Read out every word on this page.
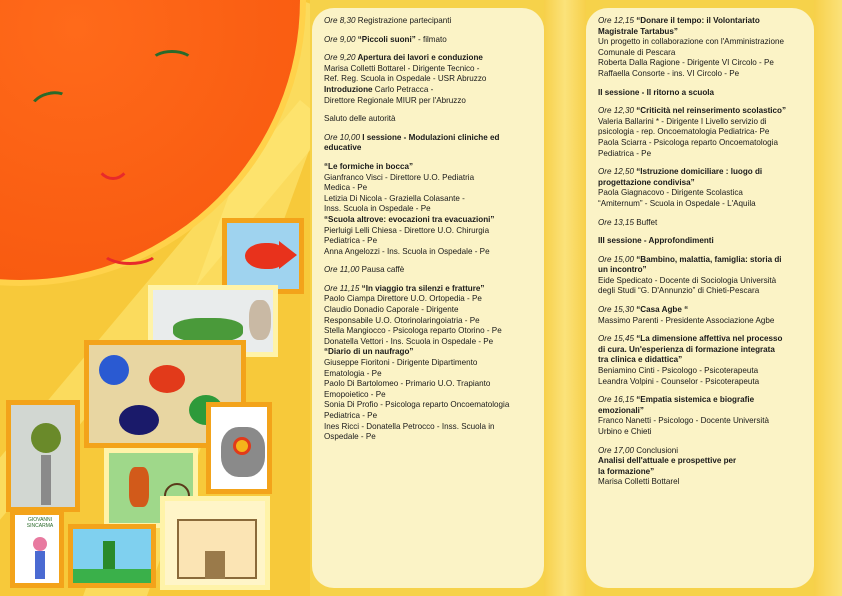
GIOVANNI SINCARMA

Ore 8,30 Registrazione partecipanti

Ore 9,00 “Piccoli suoni” - filmato

Ore 9,20 Apertura dei lavori e conduzione
Marisa Colletti Bottarel - Dirigente Tecnico -
Ref. Reg. Scuola in Ospedale - USR Abruzzo
Introduzione Carlo Petracca -
Direttore Regionale MIUR per l'Abruzzo

Saluto delle autorità

Ore 10,00 I sessione - Modulazioni cliniche ed
educative

“Le formiche in bocca”
Gianfranco Visci - Direttore U.O. Pediatria
Medica - Pe
Letizia Di Nicola - Graziella Colasante -
Inss. Scuola in Ospedale - Pe
“Scuola altrove: evocazioni tra evacuazioni”
Pierluigi Lelli Chiesa - Direttore U.O. Chirurgia
Pediatrica - Pe
Anna Angelozzi - Ins. Scuola in Ospedale - Pe

Ore 11,00 Pausa caffè

Ore 11,15 “In viaggio tra silenzi e fratture”
Paolo Ciampa Direttore U.O. Ortopedia - Pe
Claudio Donadio Caporale - Dirigente
Responsabile U.O. Otorinolaringoiatria - Pe
Stella Mangiocco - Psicologa reparto Otorino - Pe
Donatella Vettori - Ins. Scuola in Ospedale - Pe
“Diario di un naufrago”
Giuseppe Fioritoni - Dirigente Dipartimento
Ematologia - Pe
Paolo Di Bartolomeo - Primario U.O. Trapianto
Emopoietico - Pe
Sonia Di Profio - Psicologa reparto Oncoematologia
Pediatrica - Pe
Ines Ricci - Donatella Petrocco - Inss. Scuola in
Ospedale - Pe

Ore 12,15 “Donare il tempo: il Volontariato
Magistrale Tartabus”
Un progetto in collaborazione con l'Amministrazione
Comunale di Pescara
Roberta Dalla Ragione - Dirigente VI Circolo - Pe
Raffaella Consorte - ins. VI Circolo - Pe

II sessione - Il ritorno a scuola

Ore 12,30 “Criticità nel reinserimento scolastico”
Valeria Ballarini * - Dirigente I Livello servizio di
psicologia - rep. Oncoematologia Pediatrica- Pe
Paola Sciarra - Psicologa reparto Oncoematologia
Pediatrica - Pe

Ore 12,50 “Istruzione domiciliare : luogo di
progettazione condivisa”
Paola Giagnacovo - Dirigente Scolastica
“Amiternum” - Scuola in Ospedale - L'Aquila

Ore 13,15 Buffet

III sessione - Approfondimenti

Ore 15,00 “Bambino, malattia, famiglia: storia di
un incontro”
Eide Spedicato - Docente di Sociologia Università
degli Studi “G. D'Annunzio” di Chieti-Pescara

Ore 15,30 “Casa Agbe “
Massimo Parenti - Presidente Associazione Agbe

Ore 15,45 “La dimensione affettiva nel processo
di cura. Un'esperienza di formazione integrata
tra clinica e didattica”
Beniamino Cinti - Psicologo - Psicoterapeuta
Leandra Volpini - Counselor - Psicoterapeuta

Ore 16,15 “Empatia sistemica e biografie
emozionali”
Franco Nanetti - Psicologo - Docente Università
Urbino e Chieti

Ore 17,00 Conclusioni
Analisi dell'attuale e prospettive per
la formazione”
Marisa Colletti Bottarel
